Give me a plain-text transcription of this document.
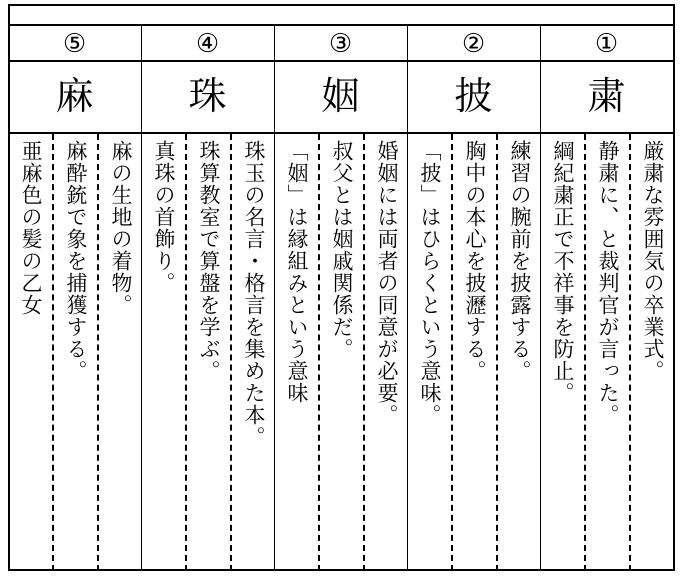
⑤
麻
麻の生地の着物。
麻酔銃で象を捕獲する。
亜麻色の髪の乙女
④
珠
珠玉の名言・格言を集めた本。
珠算教室で算盤を学ぶ。
真珠の首飾り。
③
姻
婚姻には両者の同意が必要。
叔父とは姻戚関係だ。
「姻」は縁組みという意味
②
披
練習の腕前を披露する。
胸中の本心を披瀝する。
「披」はひらくという意味。
①
粛
厳粛な雰囲気の卒業式。
静粛に、と裁判官が言った。
綱紀粛正で不祥事を防止。
